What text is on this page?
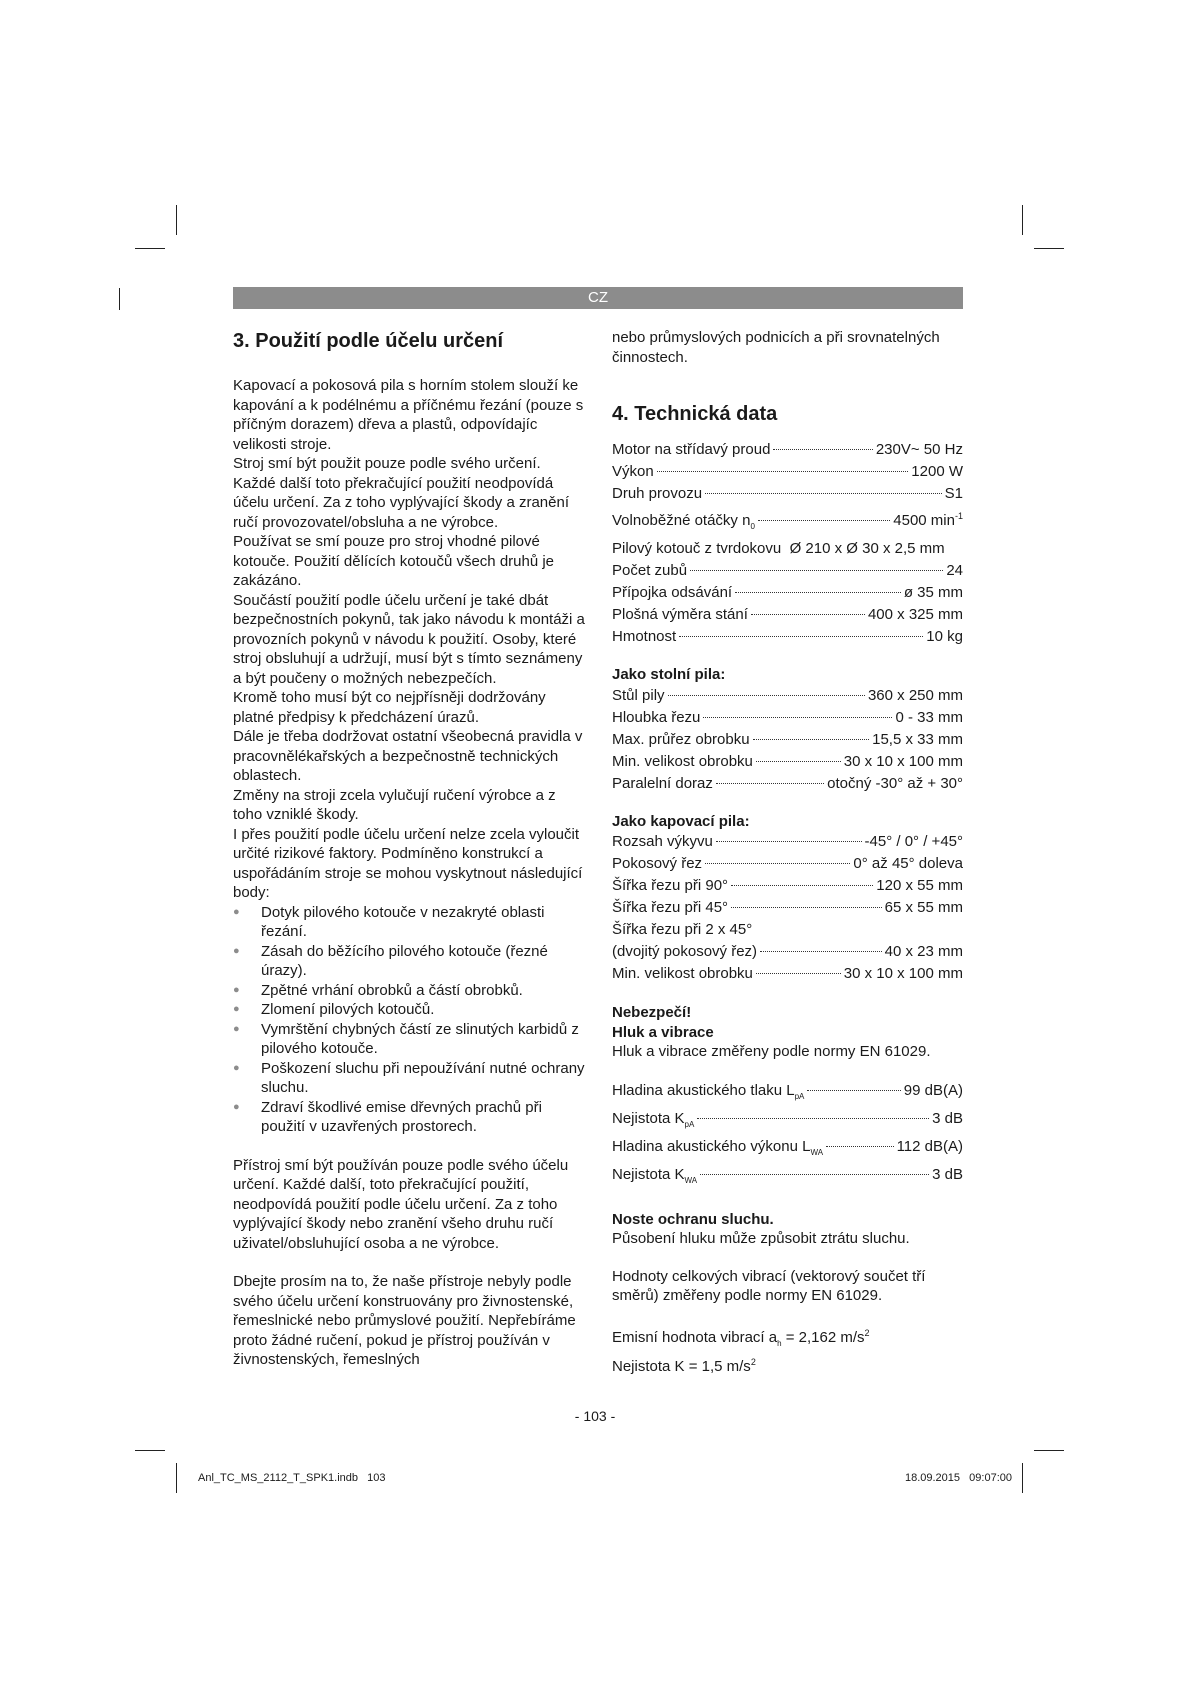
CZ
3. Použití podle účelu určení

Kapovací a pokosová pila s horním stolem slouží ke kapování a k podélnému a příčnému řezání (pouze s příčným dorazem) dřeva a plastů, odpovídajíc velikosti stroje.

Stroj smí být použit pouze podle svého určení. Každé další toto překračující použití neodpovídá účelu určení. Za z toho vyplývající škody a zranění ručí provozovatel/obsluha a ne výrobce.

Používat se smí pouze pro stroj vhodné pilové kotouče. Použití dělících kotoučů všech druhů je zakázáno.

Součástí použití podle účelu určení je také dbát bezpečnostních pokynů, tak jako návodu k montáži a provozních pokynů v návodu k použití. Osoby, které stroj obsluhují a udržují, musí být s tímto seznámeny a být poučeny o možných nebezpečích.

Kromě toho musí být co nejpřísněji dodržovány platné předpisy k předcházení úrazů.

Dále je třeba dodržovat ostatní všeobecná pravidla v pracovnělékařských a bezpečnostně technických oblastech.

Změny na stroji zcela vylučují ručení výrobce a z toho vzniklé škody.

I přes použití podle účelu určení nelze zcela vyloučit určité rizikové faktory. Podmíněno konstrukcí a uspořádáním stroje se mohou vyskytnout následující body:

● Dotyk pilového kotouče v nezakryté oblasti řezání.
● Zásah do běžícího pilového kotouče (řezné úrazy).
● Zpětné vrhání obrobků a částí obrobků.
● Zlomení pilových kotoučů.
● Vymrštění chybných částí ze slinutých karbidů z pilového kotouče.
● Poškození sluchu při nepoužívání nutné ochrany sluchu.
● Zdraví škodlivé emise dřevných prachů při použití v uzavřených prostorech.

Přístroj smí být používán pouze podle svého účelu určení. Každé další, toto překračující použití, neodpovídá použití podle účelu určení. Za z toho vyplývající škody nebo zranění všeho druhu ručí uživatel/obsluhující osoba a ne výrobce.

Dbejte prosím na to, že naše přístroje nebyly podle svého účelu určení konstruovány pro živnostenské, řemeslnické nebo průmyslové použití. Nepřebíráme proto žádné ručení, pokud je přístroj používán v živnostenských, řemeslných

nebo průmyslových podnicích a při srovnatelných činnostech.

4. Technická data
Motor na střídavý proud	230V~ 50 Hz
Výkon	1200 W
Druh provozu	S1
Volnoběžné otáčky $n_0$	4500 $\min^{-1}$
Pilový kotouč z tvrdokovu  Ø 210 x Ø 30 x 2,5 mm
Počet zubů	24
Přípojka odsávání	ø 35 mm
Plošná výměra stání	400 x 325 mm
Hmotnost	10 kg

Jako stolní pila:

Stůl pily	360 x 250 mm
Hloubka řezu	0 - 33 mm
Max. průřez obrobku	15,5 x 33 mm
Min. velikost obrobku	30 x 10 x 100 mm
Paralelní doraz	otočný -30° až + 30°

Jako kapovací pila:

Rozsah výkyvu	-45° / 0° / +45°
Pokosový řez	0° až 45° doleva
Šířka řezu při 90°	120 x 55 mm
Šířka řezu při 45°	65 x 55 mm
Šířka řezu při 2 x 45°
(dvojitý pokosový řez)	40 x 23 mm
Min. velikost obrobku	30 x 10 x 100 mm

Nebezpečí!

Hluk a vibrace

Hluk a vibrace změřeny podle normy EN 61029.

Hladina akustického tlaku $L_{pA}$	99 dB(A)
Nejistota $K_{pA}$	3 dB
Hladina akustického výkonu $L_{WA}$	112 dB(A)
Nejistota $K_{WA}$	3 dB

Noste ochranu sluchu.

Působení hluku může způsobit ztrátu sluchu.

Hodnoty celkových vibrací (vektorový součet tří směrů) změřeny podle normy EN 61029.

Emisní hodnota vibrací $a_h = 2,162$ $m/s^2$

Nejistota K = 1,5 $m/s^2$

- 103 -
Anl_TC_MS_2112_T_SPK1.indb   103	18.09.2015   09:07:00
